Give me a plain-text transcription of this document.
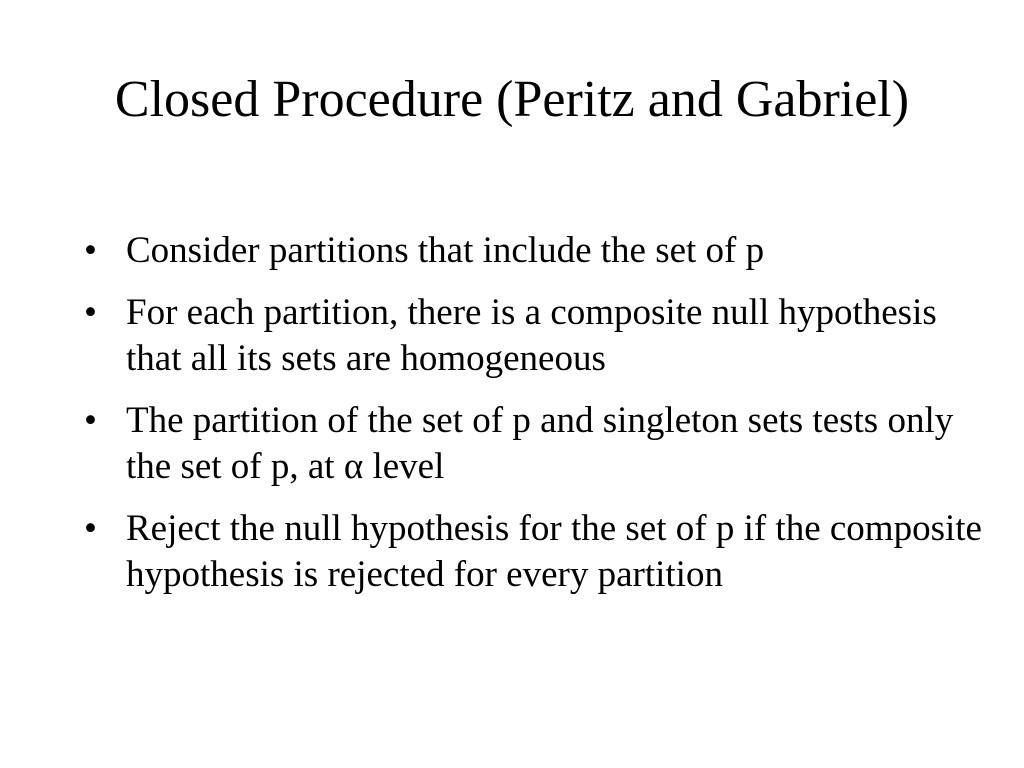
Closed Procedure (Peritz and Gabriel)
• Consider partitions that include the set of p
• For each partition, there is a composite null hypothesis that all its sets are homogeneous
• The partition of the set of p and singleton sets tests only the set of p, at α level
• Reject the null hypothesis for the set of p if the composite hypothesis is rejected for every partition
